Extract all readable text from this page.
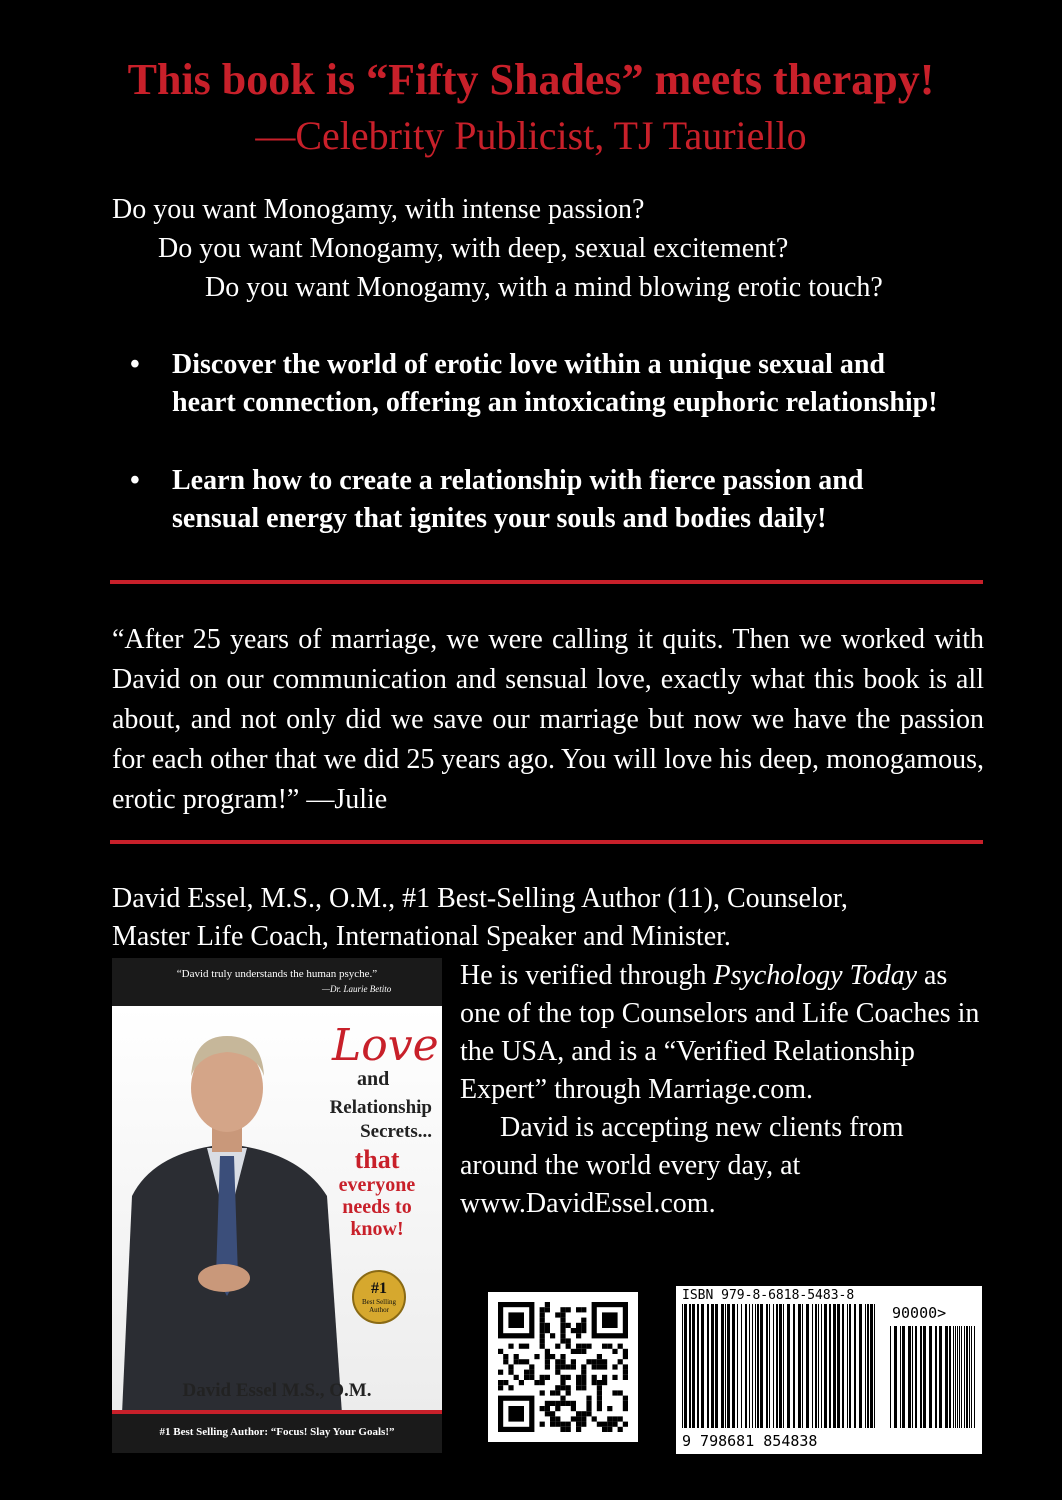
This book is “Fifty Shades” meets therapy!
—Celebrity Publicist, TJ Tauriello
Do you want Monogamy, with intense passion?
Do you want Monogamy, with deep, sexual excitement?
Do you want Monogamy, with a mind blowing erotic touch?
• Discover the world of erotic love within a unique sexual and
heart connection, offering an intoxicating euphoric relationship!
• Learn how to create a relationship with fierce passion and
sensual energy that ignites your souls and bodies daily!
“After 25 years of marriage, we were calling it quits. Then we worked with David on our communication and sensual love, exactly what this book is all about, and not only did we save our marriage but now we have the passion for each other that we did 25 years ago. You will love his deep, monogamous, erotic program!” —Julie
David Essel, M.S., O.M., #1 Best-Selling Author (11), Counselor,
Master Life Coach, International Speaker and Minister.
He is verified through Psychology Today as one of the top Counselors and Life Coaches in the USA, and is a “Verified Relationship Expert” through Marriage.com.
David is accepting new clients from around the world every day, at www.DavidEssel.com.
“David truly understands the human psyche.”
—Dr. Laurie Betito
Love
and
Relationship
Secrets...
that
everyone
needs to
know!
#1
Best Selling Author
David Essel M.S., O.M.
#1 Best Selling Author: “Focus! Slay Your Goals!”
ISBN 979-8-6818-5483-8
90000>
9 798681 854838
